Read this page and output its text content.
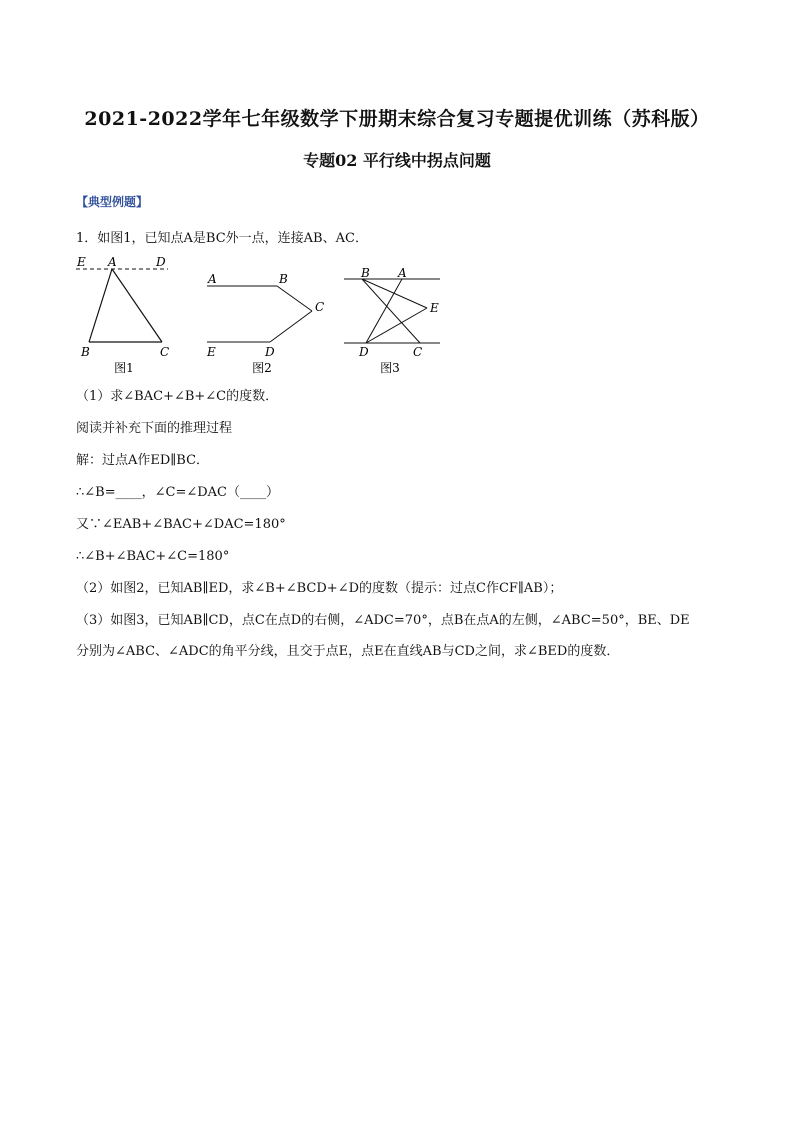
2021-2022学年七年级数学下册期末综合复习专题提优训练（苏科版）
专题02 平行线中拐点问题
【典型例题】
1．如图1，已知点A是BC外一点，连接AB、AC．
E A	D
B	C
图1
A	B
C
E	D
图2
B A
E
D	C
图3
（1）求∠BAC+∠B+∠C的度数．
阅读并补充下面的推理过程
解：过点A作ED∥BC．
∴∠B=____，∠C=∠DAC（____）
又∵∠EAB+∠BAC+∠DAC=180°
∴∠B+∠BAC+∠C=180°
（2）如图2，已知AB∥ED，求∠B+∠BCD+∠D的度数（提示：过点C作CF∥AB）；
（3）如图3，已知AB∥CD，点C在点D的右侧，∠ADC=70°，点B在点A的左侧，∠ABC=50°，BE、DE
分别为∠ABC、∠ADC的角平分线，且交于点E，点E在直线AB与CD之间，求∠BED的度数．
